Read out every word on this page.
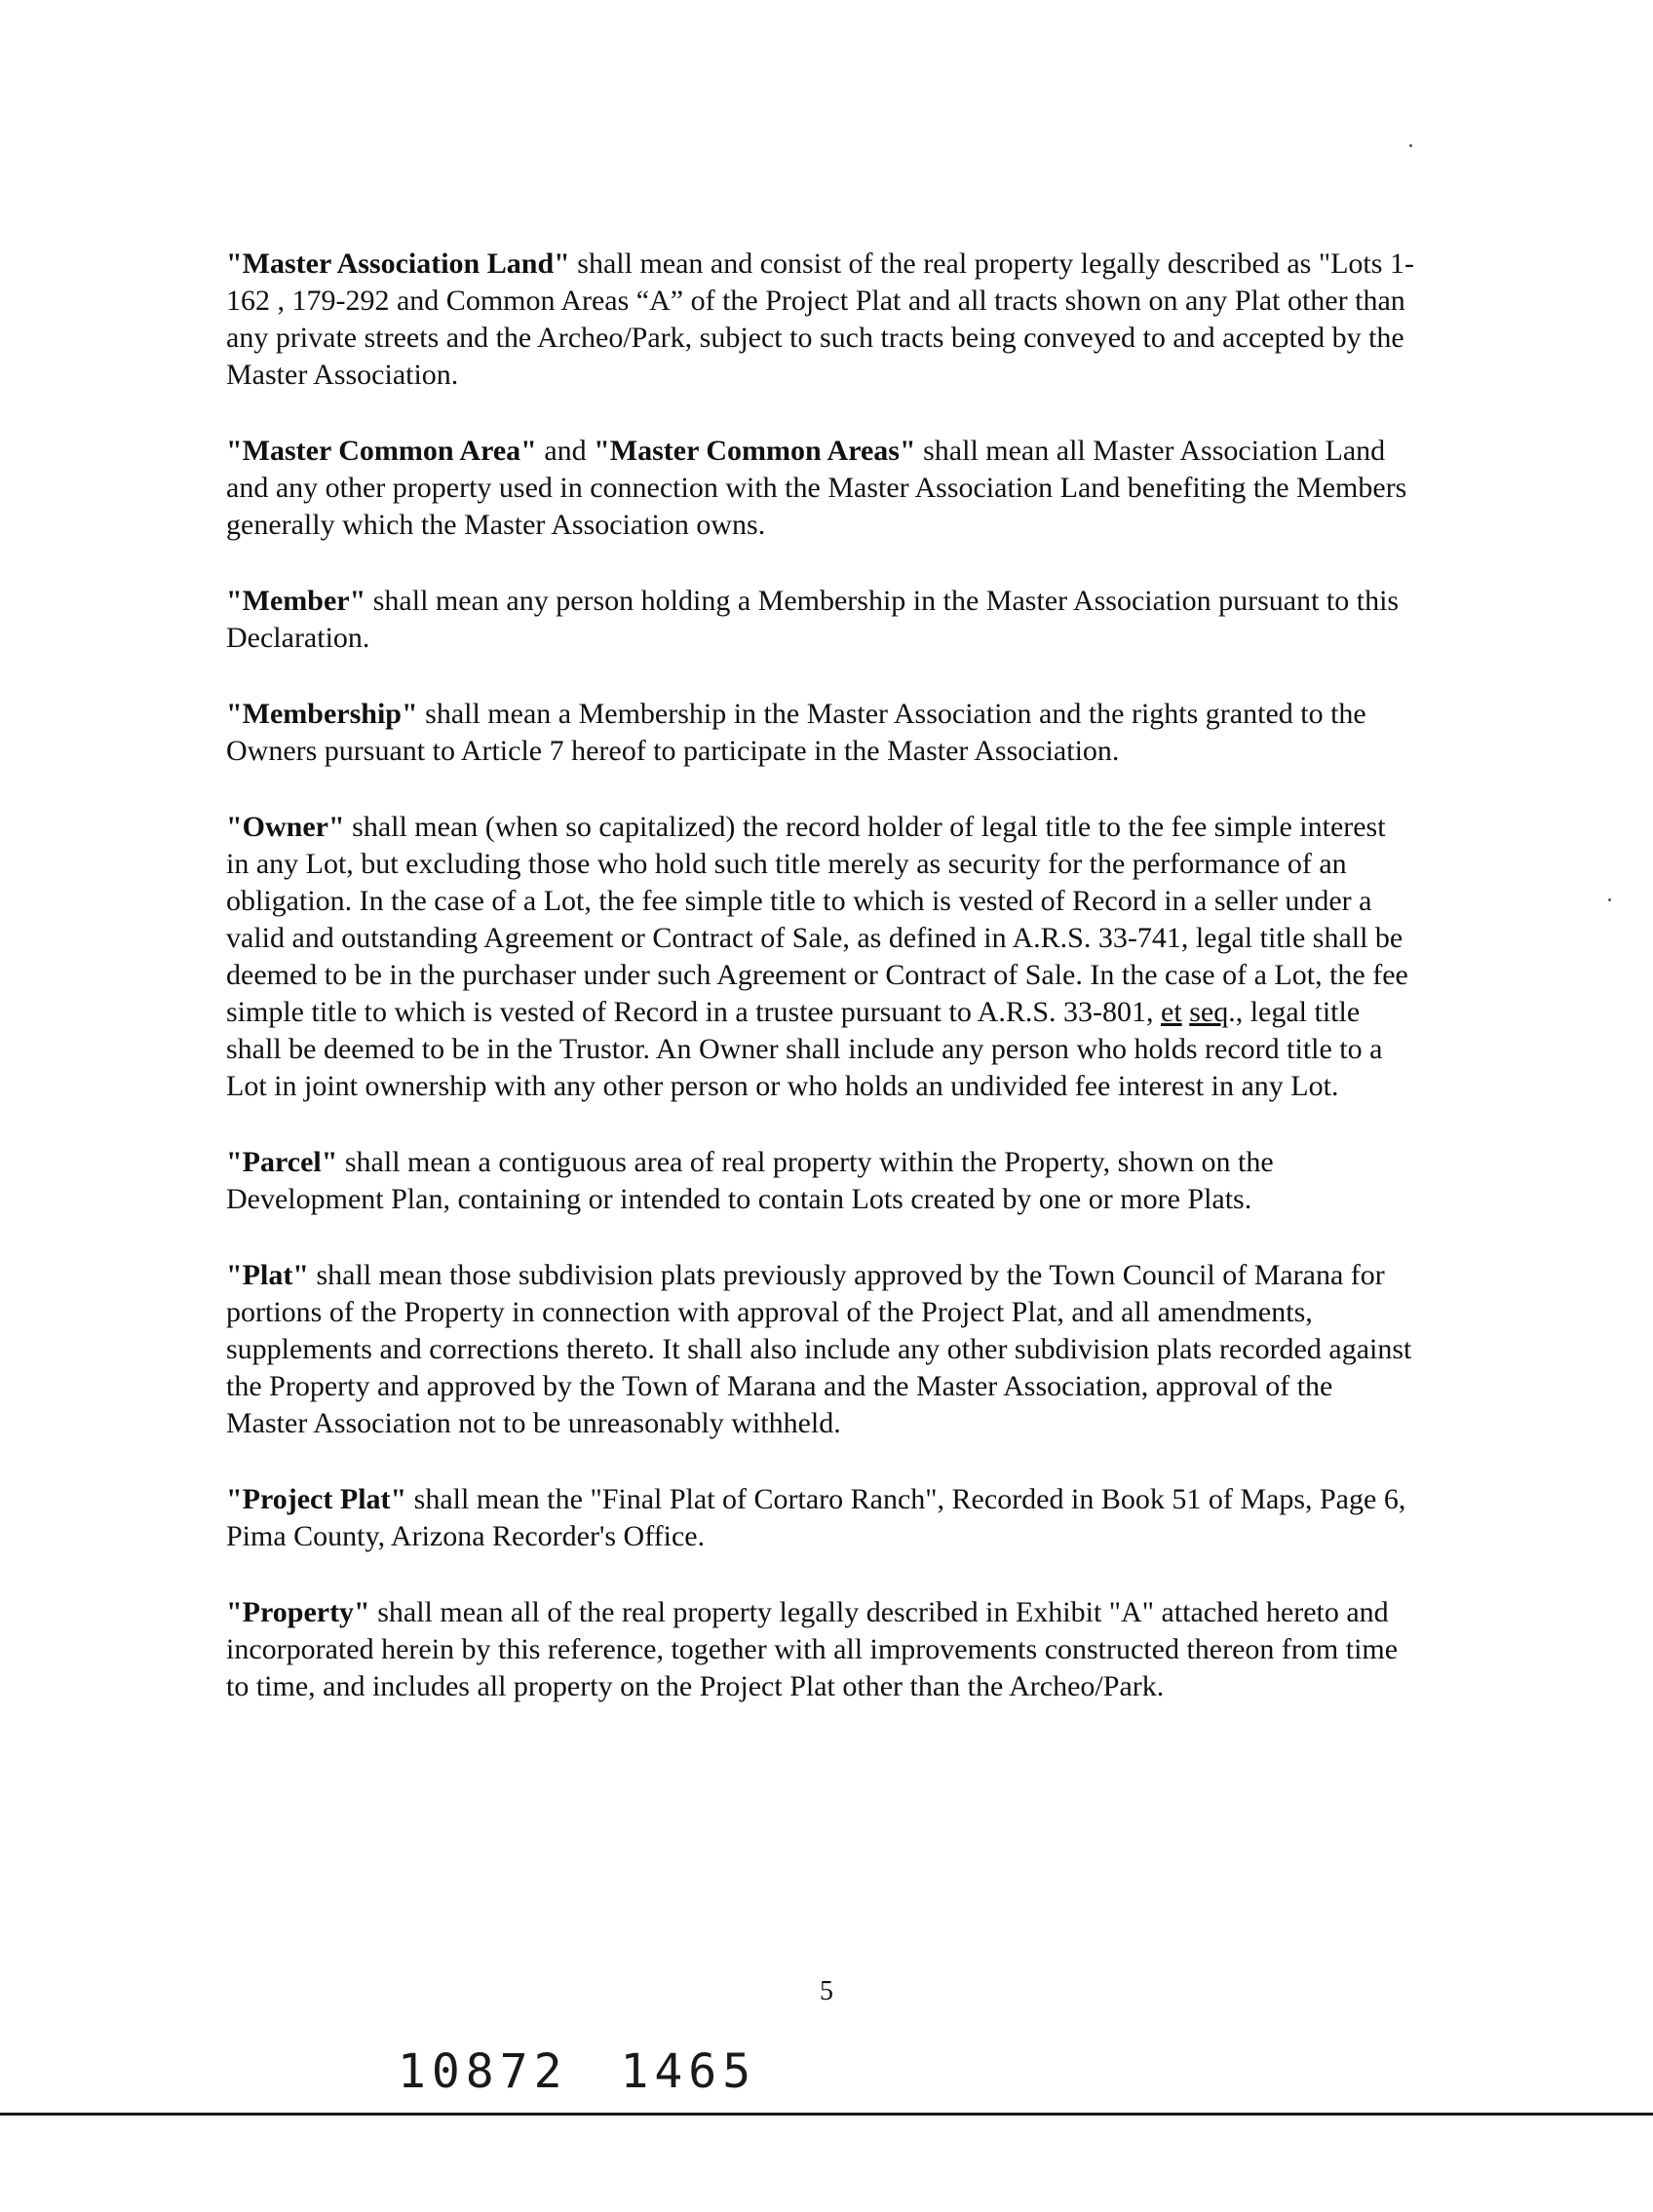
"Master Association Land" shall mean and consist of the real property legally described as "Lots 1-162 , 179-292 and Common Areas “A” of the Project Plat and all tracts shown on any Plat other than any private streets and the Archeo/Park, subject to such tracts being conveyed to and accepted by the Master Association.

"Master Common Area" and "Master Common Areas" shall mean all Master Association Land and any other property used in connection with the Master Association Land benefiting the Members generally which the Master Association owns.

"Member" shall mean any person holding a Membership in the Master Association pursuant to this Declaration.

"Membership" shall mean a Membership in the Master Association and the rights granted to the Owners pursuant to Article 7 hereof to participate in the Master Association.

"Owner" shall mean (when so capitalized) the record holder of legal title to the fee simple interest in any Lot, but excluding those who hold such title merely as security for the performance of an obligation. In the case of a Lot, the fee simple title to which is vested of Record in a seller under a valid and outstanding Agreement or Contract of Sale, as defined in A.R.S. 33-741, legal title shall be deemed to be in the purchaser under such Agreement or Contract of Sale. In the case of a Lot, the fee simple title to which is vested of Record in a trustee pursuant to A.R.S. 33-801, et seq., legal title shall be deemed to be in the Trustor. An Owner shall include any person who holds record title to a Lot in joint ownership with any other person or who holds an undivided fee interest in any Lot.

"Parcel" shall mean a contiguous area of real property within the Property, shown on the Development Plan, containing or intended to contain Lots created by one or more Plats.

"Plat" shall mean those subdivision plats previously approved by the Town Council of Marana for portions of the Property in connection with approval of the Project Plat, and all amendments, supplements and corrections thereto. It shall also include any other subdivision plats recorded against the Property and approved by the Town of Marana and the Master Association, approval of the Master Association not to be unreasonably withheld.

"Project Plat" shall mean the "Final Plat of Cortaro Ranch", Recorded in Book 51 of Maps, Page 6, Pima County, Arizona Recorder's Office.

"Property" shall mean all of the real property legally described in Exhibit "A" attached hereto and incorporated herein by this reference, together with all improvements constructed thereon from time to time, and includes all property on the Project Plat other than the Archeo/Park.

5
10872 1465
